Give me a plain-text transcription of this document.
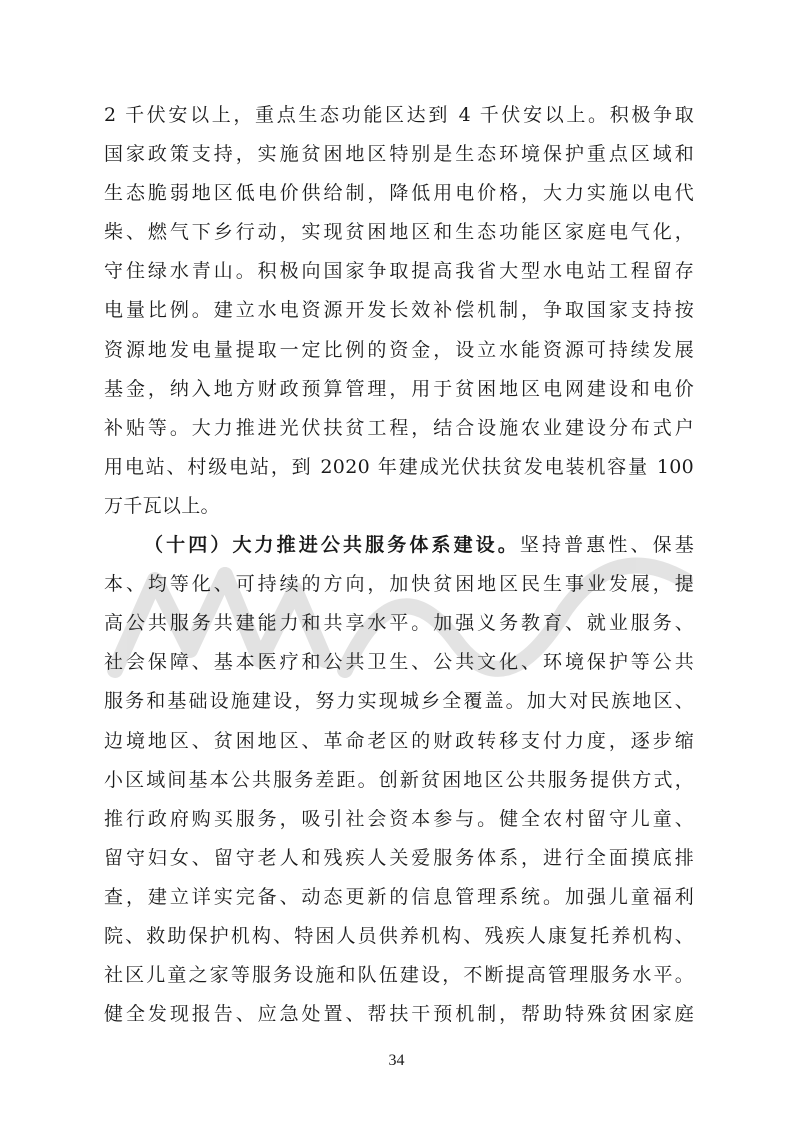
2 千伏安以上，重点生态功能区达到 4 千伏安以上。积极争取
国家政策支持，实施贫困地区特别是生态环境保护重点区域和
生态脆弱地区低电价供给制，降低用电价格，大力实施以电代
柴、燃气下乡行动，实现贫困地区和生态功能区家庭电气化，
守住绿水青山。积极向国家争取提高我省大型水电站工程留存
电量比例。建立水电资源开发长效补偿机制，争取国家支持按
资源地发电量提取一定比例的资金，设立水能资源可持续发展
基金，纳入地方财政预算管理，用于贫困地区电网建设和电价
补贴等。大力推进光伏扶贫工程，结合设施农业建设分布式户
用电站、村级电站，到 2020 年建成光伏扶贫发电装机容量 100
万千瓦以上。
（十四）大力推进公共服务体系建设。坚持普惠性、保基
本、均等化、可持续的方向，加快贫困地区民生事业发展，提
高公共服务共建能力和共享水平。加强义务教育、就业服务、
社会保障、基本医疗和公共卫生、公共文化、环境保护等公共
服务和基础设施建设，努力实现城乡全覆盖。加大对民族地区、
边境地区、贫困地区、革命老区的财政转移支付力度，逐步缩
小区域间基本公共服务差距。创新贫困地区公共服务提供方式，
推行政府购买服务，吸引社会资本参与。健全农村留守儿童、
留守妇女、留守老人和残疾人关爱服务体系，进行全面摸底排
查，建立详实完备、动态更新的信息管理系统。加强儿童福利
院、救助保护机构、特困人员供养机构、残疾人康复托养机构、
社区儿童之家等服务设施和队伍建设，不断提高管理服务水平。
健全发现报告、应急处置、帮扶干预机制，帮助特殊贫困家庭
34
